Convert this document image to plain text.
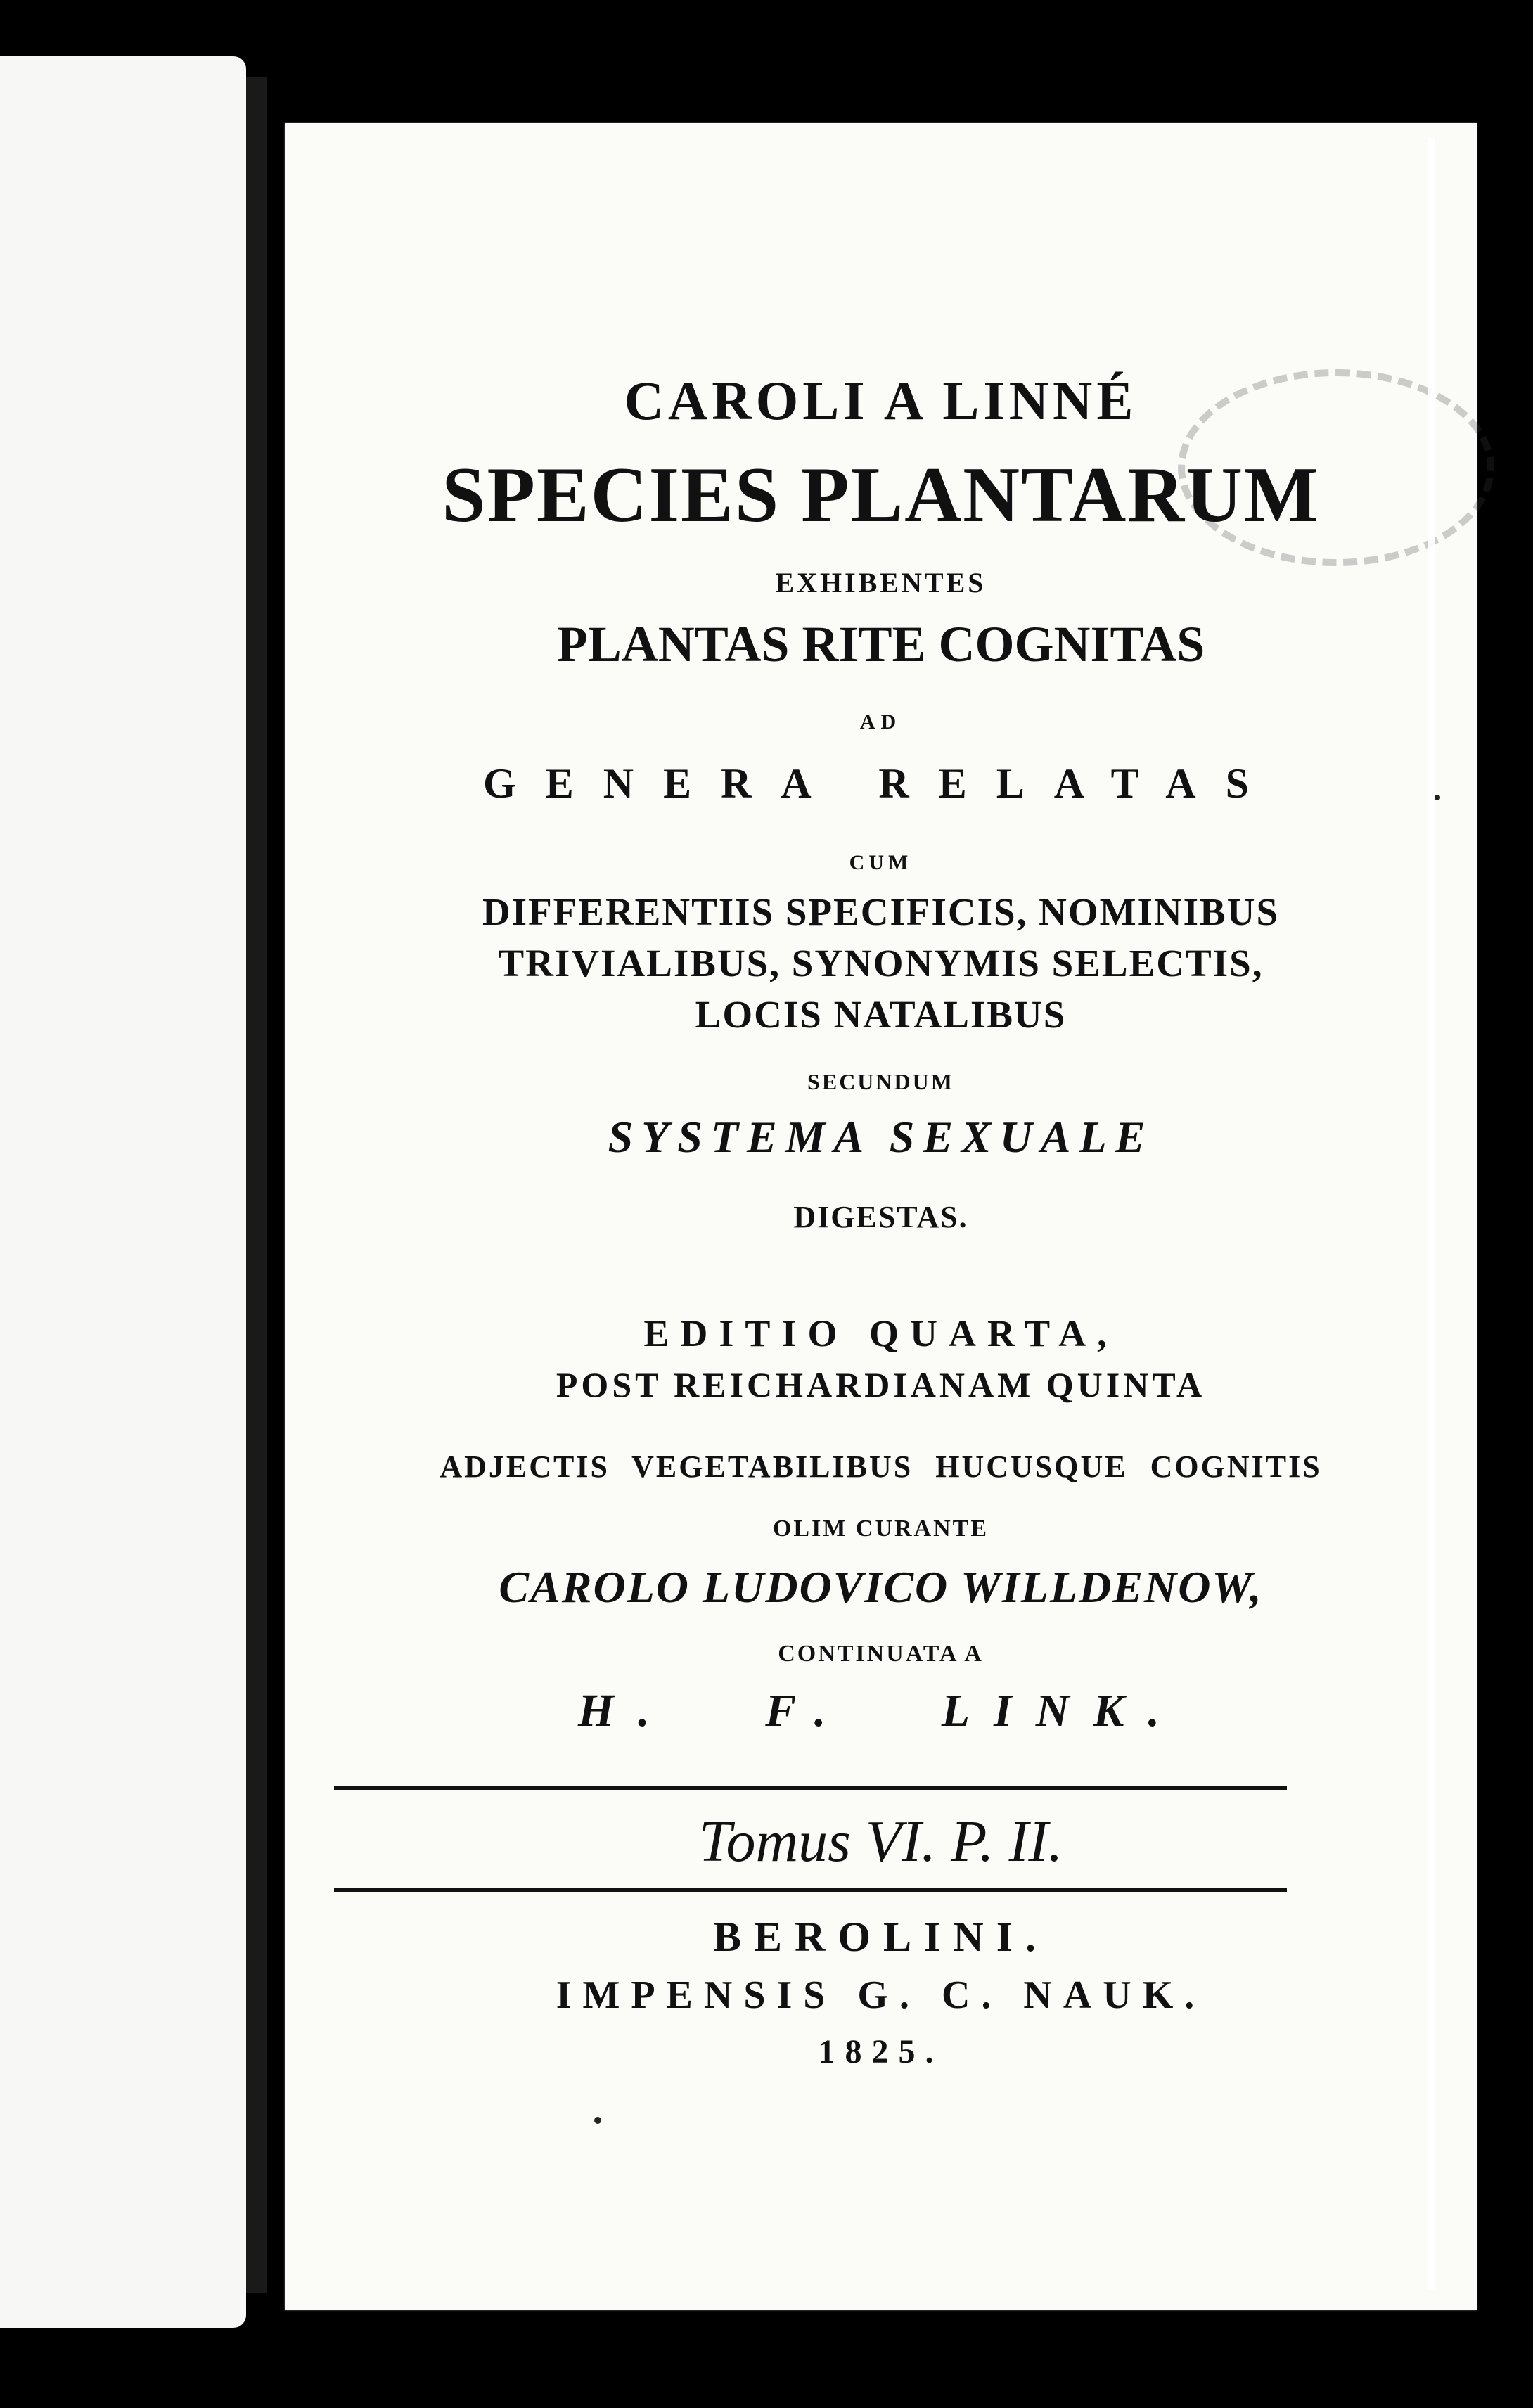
CAROLI A LINNÉ
SPECIES PLANTARUM
EXHIBENTES
PLANTAS RITE COGNITAS
AD
GENERA RELATAS
CUM
DIFFERENTIIS SPECIFICIS, NOMINIBUS
TRIVIALIBUS, SYNONYMIS SELECTIS,
LOCIS NATALIBUS
SECUNDUM
SYSTEMA SEXUALE
DIGESTAS.
EDITIO QUARTA,
POST REICHARDIANAM QUINTA
ADJECTIS VEGETABILIBUS HUCUSQUE COGNITIS
OLIM CURANTE
CAROLO LUDOVICO WILLDENOW,
CONTINUATA A
H. F. LINK.
Tomus VI. P. II.
BEROLINI.
IMPENSIS G. C. NAUK.
1825.
